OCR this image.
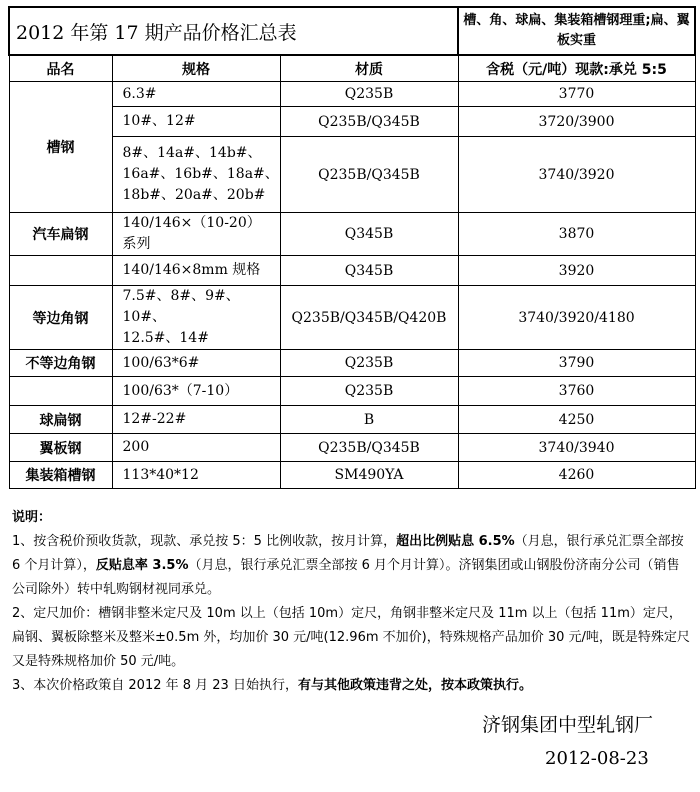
2012 年第 17 期产品价格汇总表			槽、角、球扁、集装箱槽钢理重;扁、翼板实重
品名	规格	材质	含税（元/吨）现款:承兑 5:5
槽钢	6.3#	Q235B	3770
	10#、12#	Q235B/Q345B	3720/3900

	8#、14a#、14b#、
16a#、16b#、18a#、
18b#、20a#、20b#	Q235B/Q345B	3740/3920
汽车扁钢	140/146×（10-20）
系列	Q345B	3870
	140/146×8mm 规格	Q345B	3920
等边角钢	7.5#、8#、9#、10#、
12.5#、14#	Q235B/Q345B/Q420B	3740/3920/4180
不等边角钢	100/63*6#	Q235B	3790
	100/63*（7-10）	Q235B	3760
球扁钢	12#-22#	B	4250
翼板钢	200	Q235B/Q345B	3740/3940
集装箱槽钢	113*40*12	SM490YA	4260

说明：

1、按含税价预收货款，现款、承兑按 5：5 比例收款，按月计算，超出比例贴息 6.5%（月息，银行承兑汇票全部按 6 个月计算），反贴息率 3.5%（月息，银行承兑汇票全部按 6 月个月计算）。济钢集团或山钢股份济南分公司（销售公司除外）转中轧购钢材视同承兑。

2、定尺加价：槽钢非整米定尺及 10m 以上（包括 10m）定尺，角钢非整米定尺及 11m 以上（包括 11m）定尺，扁钢、翼板除整米及整米±0.5m 外，均加价 30 元/吨(12.96m 不加价)，特殊规格产品加价 30 元/吨，既是特殊定尺又是特殊规格加价 50 元/吨。

3、本次价格政策自 2012 年 8 月 23 日始执行，有与其他政策违背之处，按本政策执行。

济钢集团中型轧钢厂
2012-08-23
